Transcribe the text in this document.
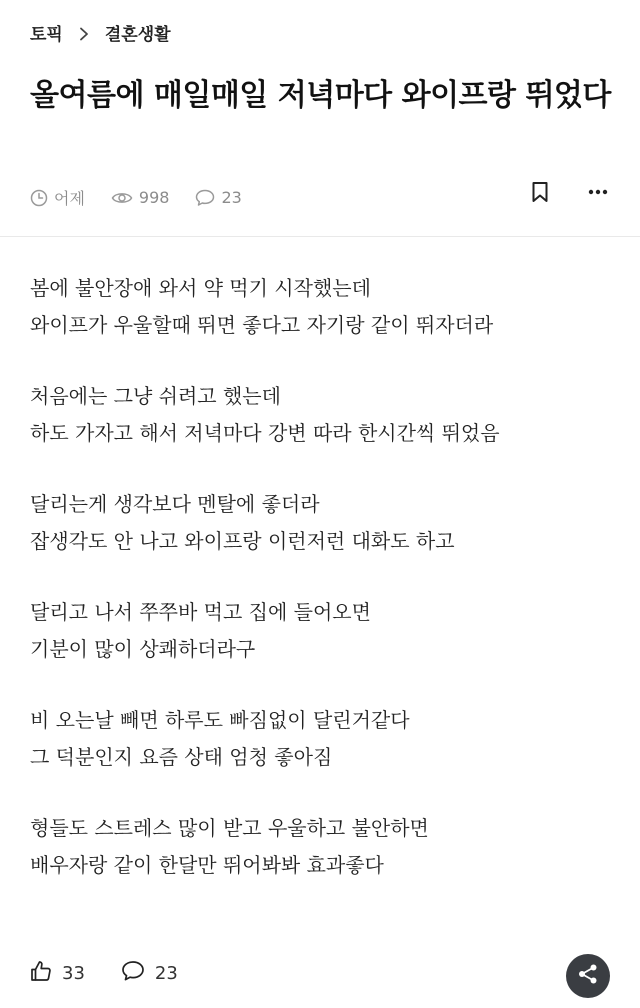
토픽 결혼생활
올여름에 매일매일 저녁마다 와이프랑 뛰었다
어제	998	23
봄에 불안장애 와서 약 먹기 시작했는데
와이프가 우울할때 뛰면 좋다고 자기랑 같이 뛰자더라
처음에는 그냥 쉬려고 했는데
하도 가자고 해서 저녁마다 강변 따라 한시간씩 뛰었음
달리는게 생각보다 멘탈에 좋더라
잡생각도 안 나고 와이프랑 이런저런 대화도 하고
달리고 나서 쭈쭈바 먹고 집에 들어오면
기분이 많이 상쾌하더라구
비 오는날 빼면 하루도 빠짐없이 달린거같다
그 덕분인지 요즘 상태 엄청 좋아짐
형들도 스트레스 많이 받고 우울하고 불안하면
배우자랑 같이 한달만 뛰어봐봐 효과좋다
33	23
